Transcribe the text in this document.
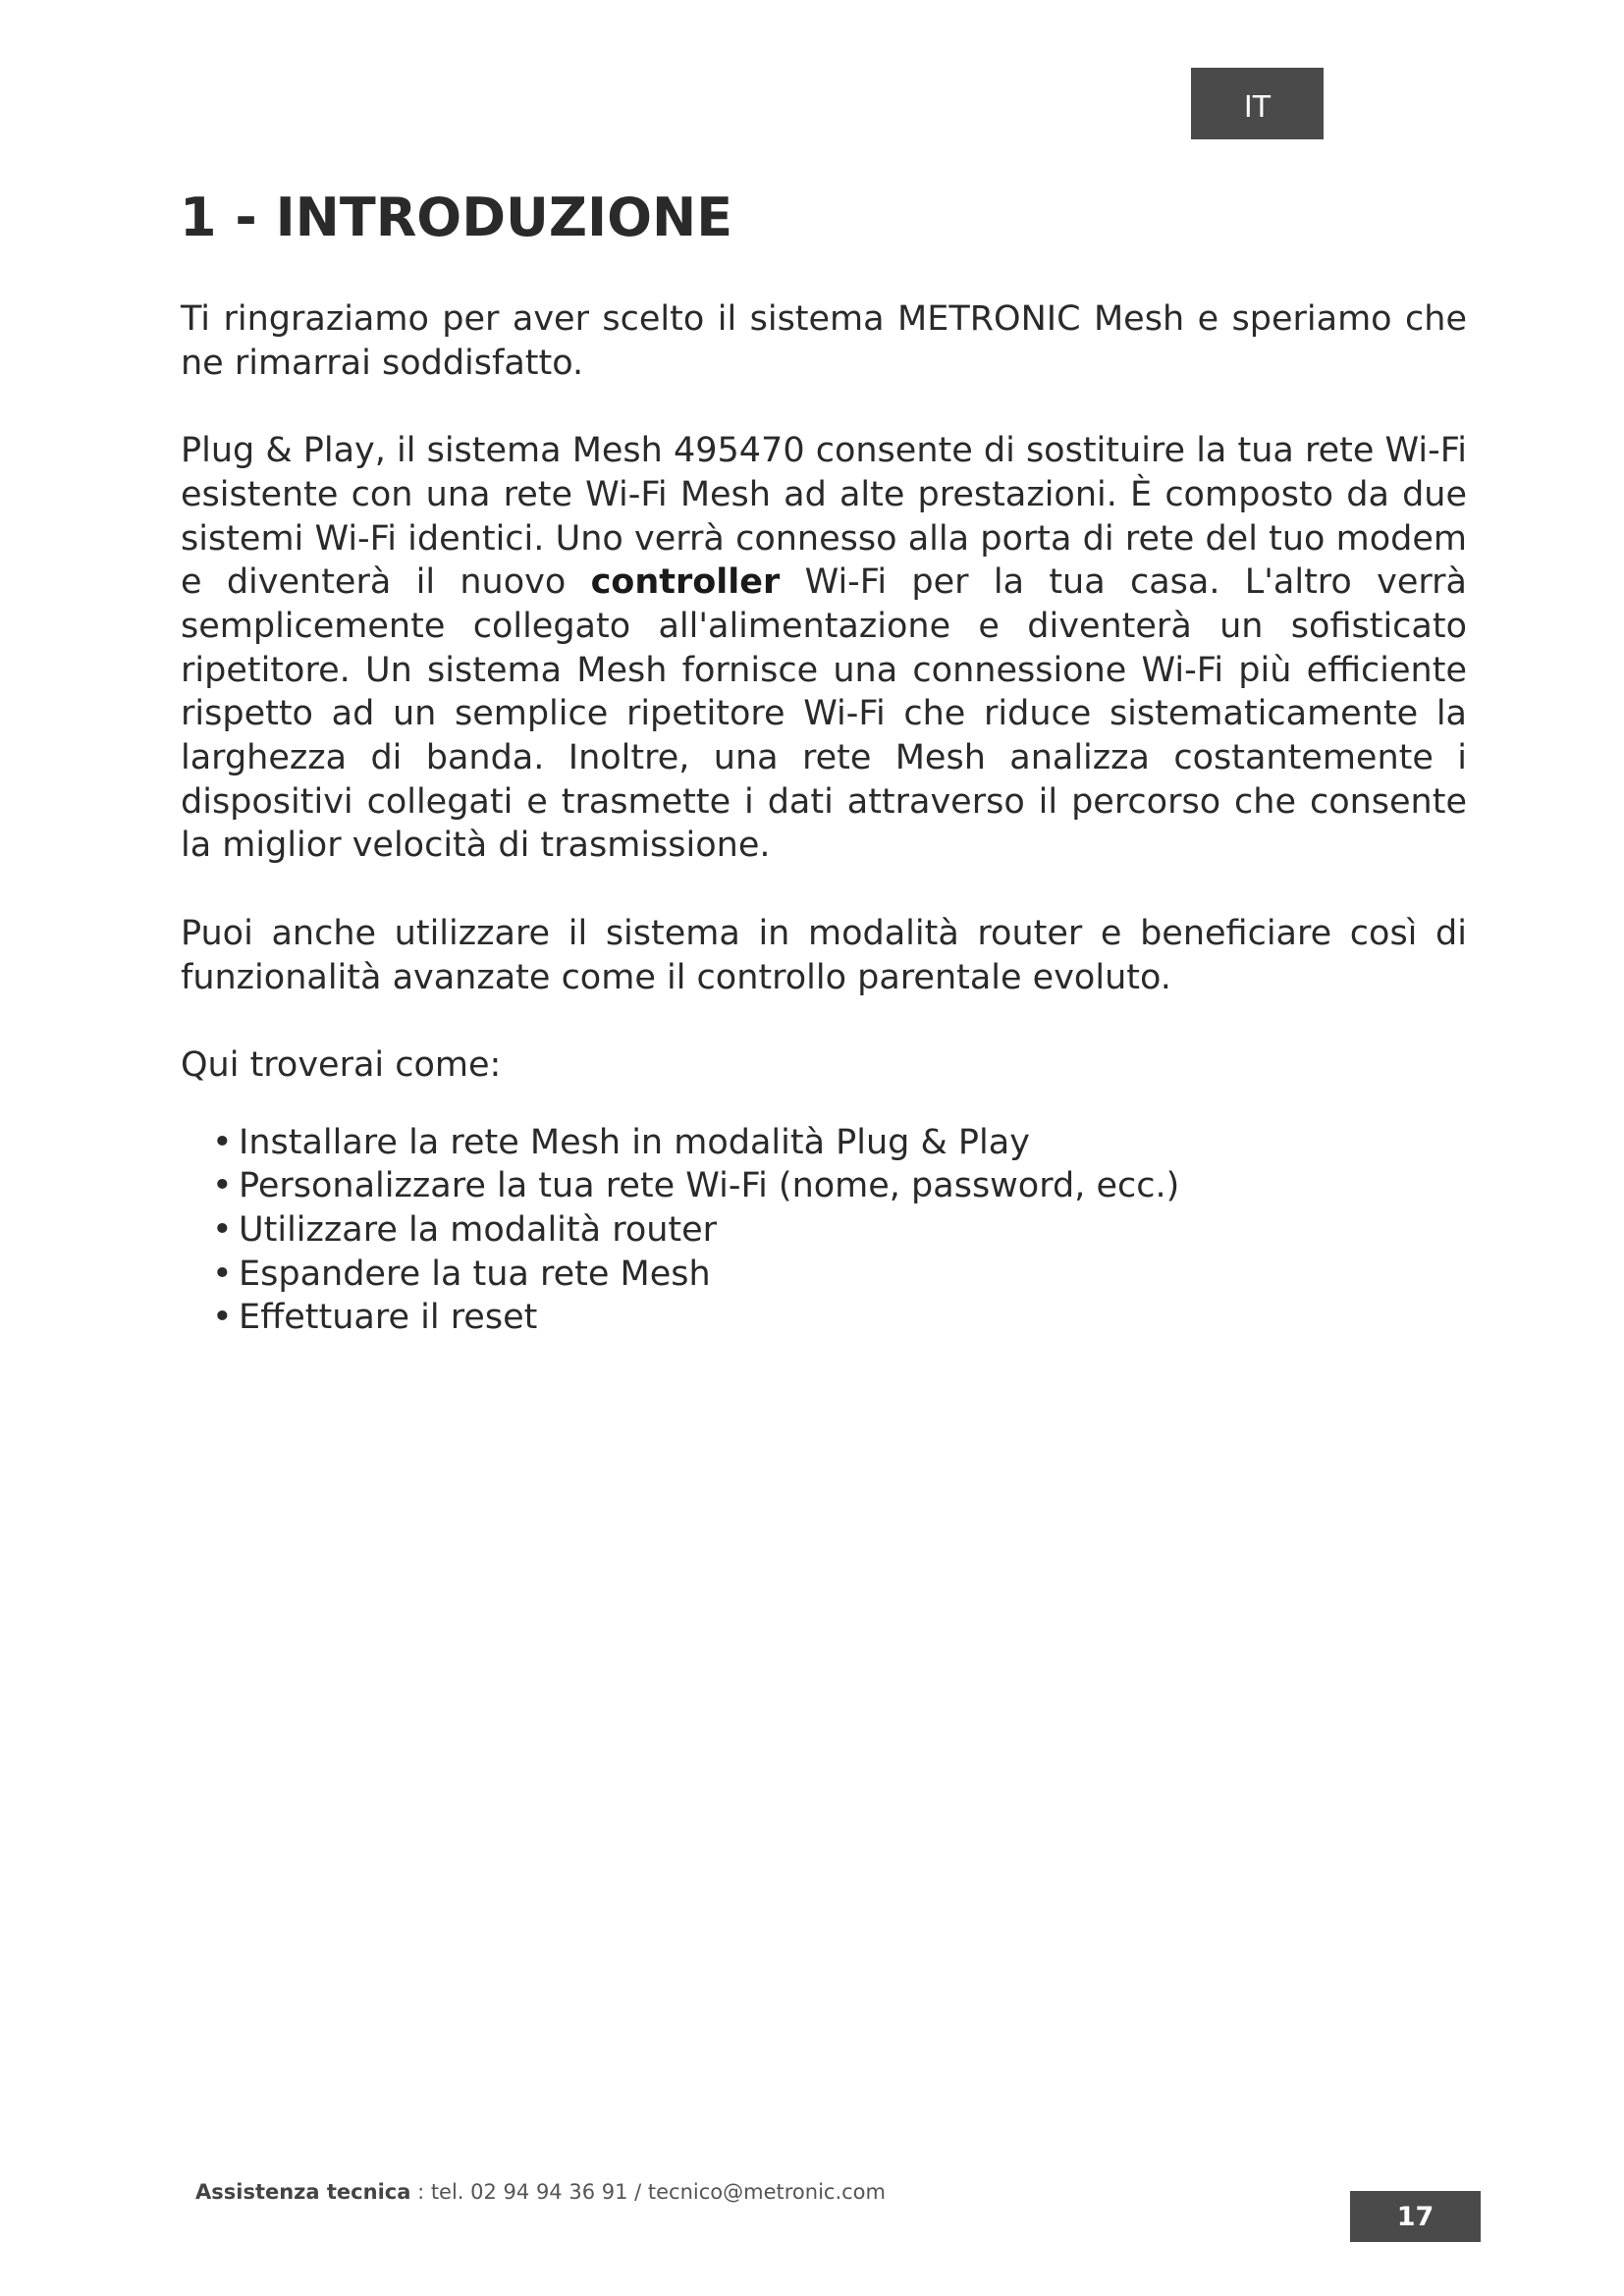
IT
1 - INTRODUZIONE

Ti ringraziamo per aver scelto il sistema METRONIC Mesh e speriamo che ne rimarrai soddisfatto.

Plug & Play, il sistema Mesh 495470 consente di sostituire la tua rete Wi-Fi esistente con una rete Wi-Fi Mesh ad alte prestazioni. È composto da due sistemi Wi-Fi identici. Uno verrà connesso alla porta di rete del tuo modem e diventerà il nuovo controller Wi-Fi per la tua casa. L'altro verrà semplicemente collegato all'alimentazione e diventerà un sofisticato ripetitore. Un sistema Mesh fornisce una connessione Wi-Fi più efficiente rispetto ad un semplice ripetitore Wi-Fi che riduce sistematicamente la larghezza di banda. Inoltre, una rete Mesh analizza costantemente i dispositivi collegati e trasmette i dati attraverso il percorso che consente la miglior velocità di trasmissione.

Puoi anche utilizzare il sistema in modalità router e beneficiare così di funzionalità avanzate come il controllo parentale evoluto.

Qui troverai come:

• Installare la rete Mesh in modalità Plug & Play
• Personalizzare la tua rete Wi-Fi (nome, password, ecc.)
• Utilizzare la modalità router
• Espandere la tua rete Mesh
• Effettuare il reset
Assistenza tecnica : tel. 02 94 94 36 91 / tecnico@metronic.com
17
